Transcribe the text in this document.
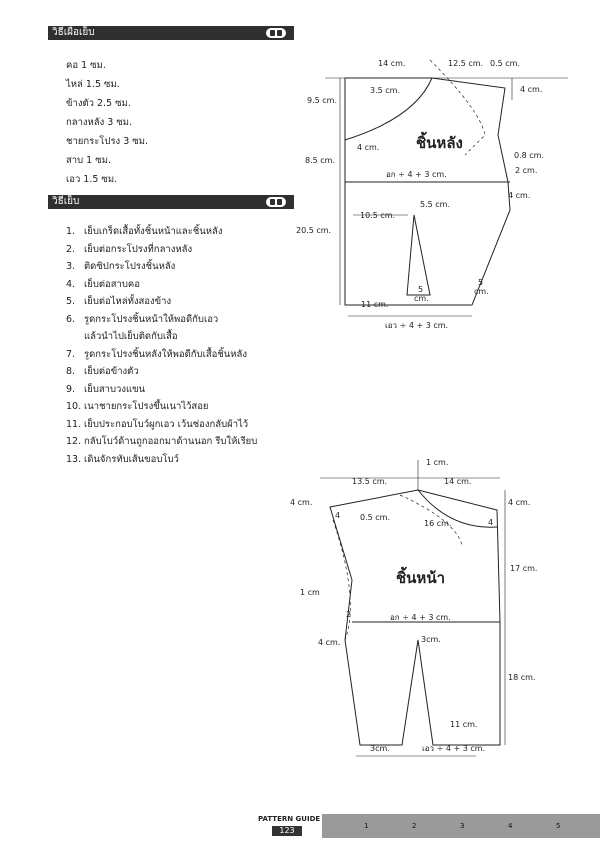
วิธีเผื่อเย็บ
คอ 1 ซม.
ไหล่ 1.5 ซม.
ข้างตัว 2.5 ซม.
กลางหลัง 3 ซม.
ชายกระโปรง 3 ซม.
สาบ 1 ซม.
เอว 1.5 ซม.
วิธีเย็บ
1. เย็บเกร็ดเสื้อทั้งชิ้นหน้าและชิ้นหลัง
2. เย็บต่อกระโปรงที่กลางหลัง
3. ติดซิปกระโปรงชิ้นหลัง
4. เย็บต่อสาบคอ
5. เย็บต่อไหล่ทั้งสองข้าง
6. รูดกระโปรงชิ้นหน้าให้พอดีกับเอว
แล้วนำไปเย็บติดกับเสื้อ
7. รูดกระโปรงชิ้นหลังให้พอดีกับเสื้อชิ้นหลัง
8. เย็บต่อข้างตัว
9. เย็บสาบวงแขน
10. เนาชายกระโปรงขึ้นเนาไว้สอย
11. เย็บประกอบโบว์ผูกเอว เว้นช่องกลับผ้าไว้
12. กลับโบว์ด้านถูกออกมาด้านนอก รีบให้เรียบ
13. เดินจักรทับเส้นขอบโบว์
14 cm.	12.5 cm. 0.5 cm.
4 cm.
9.5 cm.
3.5 cm.
4 cm.
8.5 cm.
ชิ้นหลัง
0.8 cm.
2 cm.
อก ÷ 4 + 3 cm.
4 cm.
10.5 cm.
5.5 cm.
20.5 cm.
11 cm.
5
cm.
5
cm.
เอว ÷ 4 + 3 cm.
1 cm.
13.5 cm.	14 cm.
4 cm.	4 cm.
4 0.5 cm.
16 cm.	4
ชิ้นหน้า
17 cm.
1 cm
2	อก ÷ 4 + 3 cm.
4 cm.	3cm.
18 cm.
11 cm.
3cm.	เอว ÷ 4 + 3 cm.
PATTERN GUIDE
123	1	2	3	4	5
